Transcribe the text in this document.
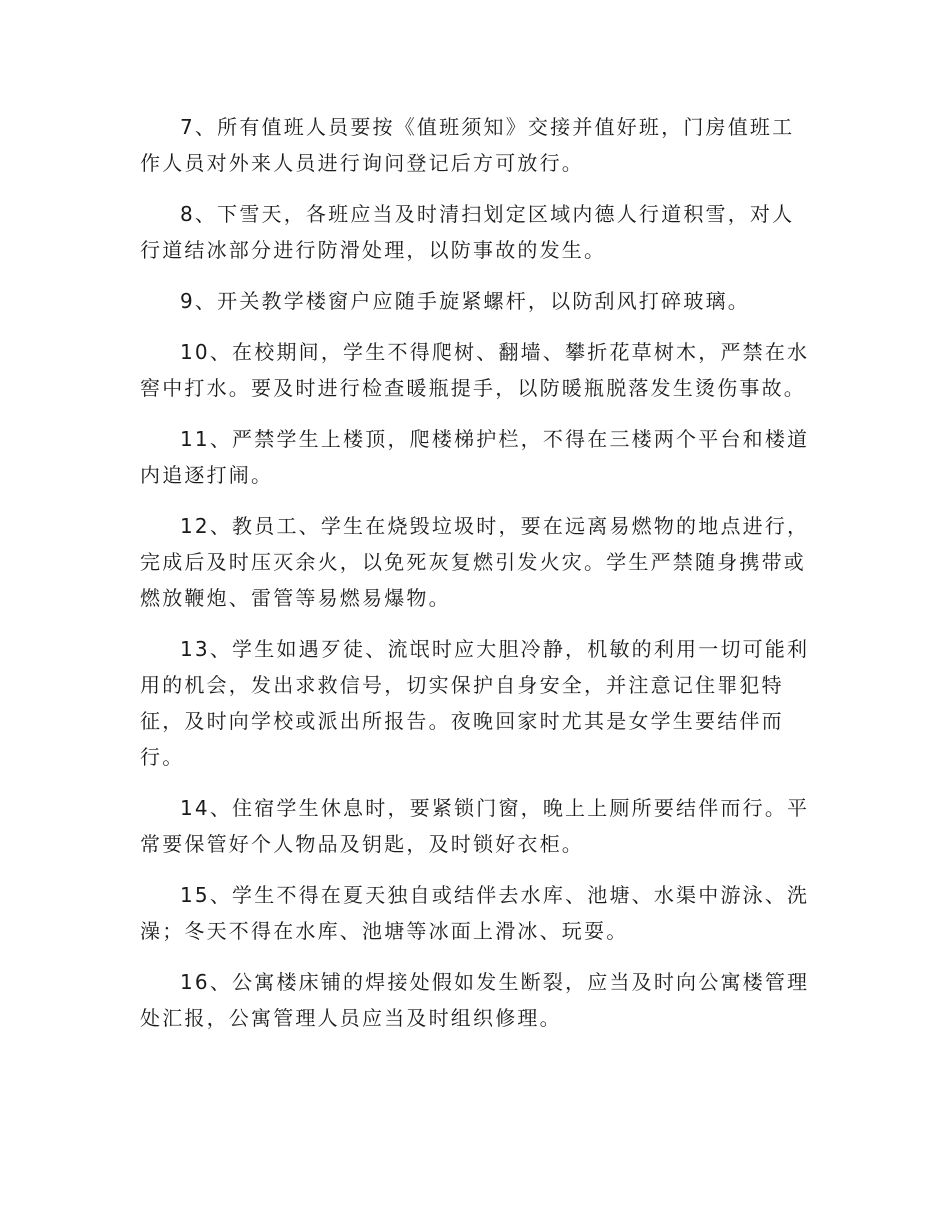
7、所有值班人员要按《值班须知》交接并值好班，门房值班工作人员对外来人员进行询问登记后方可放行。

8、下雪天，各班应当及时清扫划定区域内德人行道积雪，对人行道结冰部分进行防滑处理，以防事故的发生。

9、开关教学楼窗户应随手旋紧螺杆，以防刮风打碎玻璃。

10、在校期间，学生不得爬树、翻墙、攀折花草树木，严禁在水窖中打水。要及时进行检查暖瓶提手，以防暖瓶脱落发生烫伤事故。

11、严禁学生上楼顶，爬楼梯护栏，不得在三楼两个平台和楼道内追逐打闹。

12、教员工、学生在烧毁垃圾时，要在远离易燃物的地点进行，完成后及时压灭余火，以免死灰复燃引发火灾。学生严禁随身携带或燃放鞭炮、雷管等易燃易爆物。

13、学生如遇歹徒、流氓时应大胆冷静，机敏的利用一切可能利用的机会，发出求救信号，切实保护自身安全，并注意记住罪犯特征，及时向学校或派出所报告。夜晚回家时尤其是女学生要结伴而行。

14、住宿学生休息时，要紧锁门窗，晚上上厕所要结伴而行。平常要保管好个人物品及钥匙，及时锁好衣柜。

15、学生不得在夏天独自或结伴去水库、池塘、水渠中游泳、洗澡；冬天不得在水库、池塘等冰面上滑冰、玩耍。

16、公寓楼床铺的焊接处假如发生断裂，应当及时向公寓楼管理处汇报，公寓管理人员应当及时组织修理。
